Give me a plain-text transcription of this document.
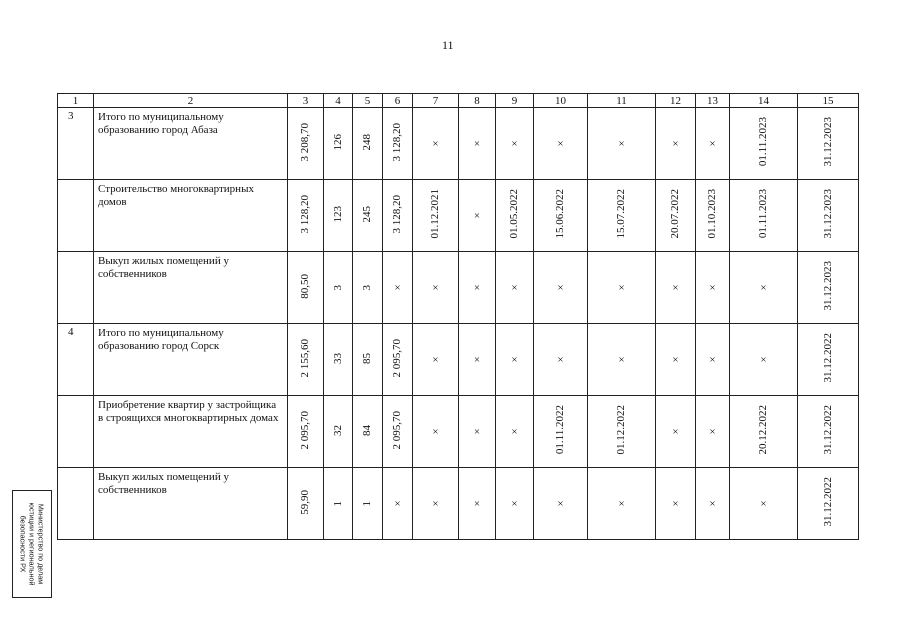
11
1	2	3	4	5	6	7	8	9	10	11	12	13	14	15
3	Итого по муниципальному образованию город Абаза	3 208,70	126	248	3 128,20	×	×	×	×	×	×	×	01.11.2023	31.12.2023
	Строительство многоквартирных домов	3 128,20	123	245	3 128,20	01.12.2021	×	01.05.2022	15.06.2022	15.07.2022	20.07.2022	01.10.2023	01.11.2023	31.12.2023
	Выкуп жилых помещений у собственников	80,50	3	3	×	×	×	×	×	×	×	×	×	31.12.2023
4	Итого по муниципальному образованию город Сорск	2 155,60	33	85	2 095,70	×	×	×	×	×	×	×	×	31.12.2022
	Приобретение квартир у застройщика в строящихся многоквартирных домах	2 095,70	32	84	2 095,70	×	×	×	01.11.2022	01.12.2022	×	×	20.12.2022	31.12.2022
	Выкуп жилых помещений у собственников	59,90	1	1	×	×	×	×	×	×	×	×	×	31.12.2022
Министерство по делам
юстиции и региональной
безопасности РХ
